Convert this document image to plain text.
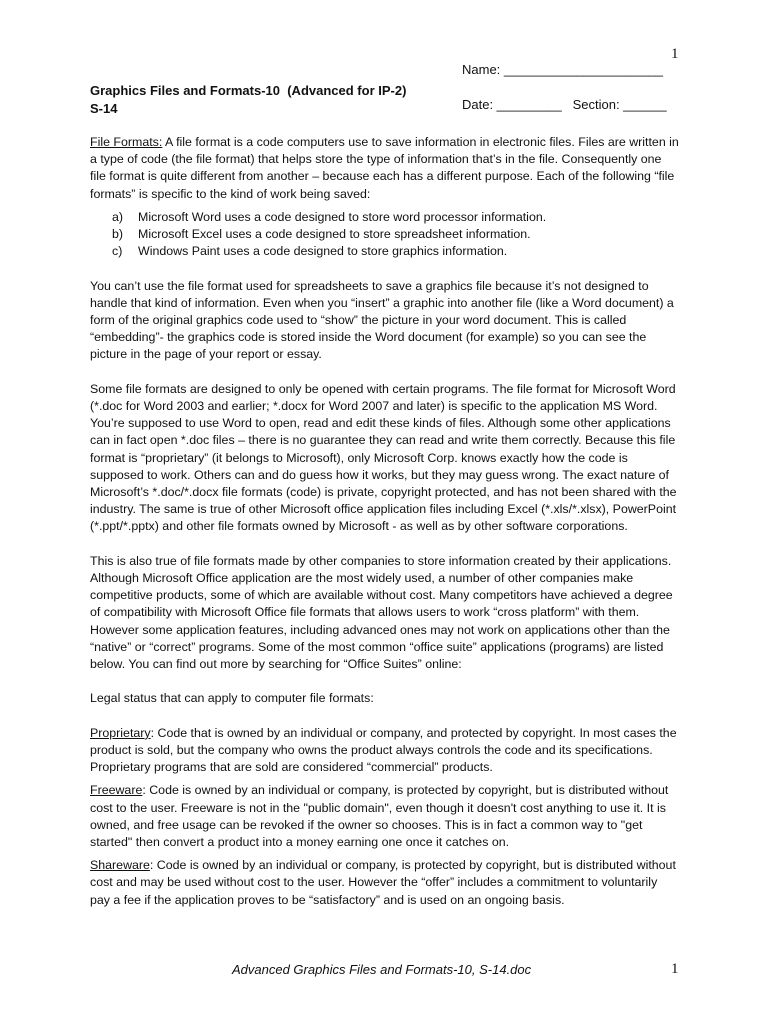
1
Name: ______________________
Graphics Files and Formats-10  (Advanced for IP-2)
Date: _________   Section: ______
S-14

File Formats: A file format is a code computers use to save information in electronic files. Files are written in a type of code (the file format) that helps store the type of information that’s in the file. Consequently one file format is quite different from another – because each has a different purpose. Each of the following “file formats” is specific to the kind of work being saved:

a)	Microsoft Word uses a code designed to store word processor information.
b)	Microsoft Excel uses a code designed to store spreadsheet information.
c)	Windows Paint uses a code designed to store graphics information.

You can’t use the file format used for spreadsheets to save a graphics file because it’s not designed to handle that kind of information. Even when you “insert” a graphic into another file (like a Word document) a form of the original graphics code used to “show” the picture in your word document. This is called “embedding”- the graphics code is stored inside the Word document (for example) so you can see the picture in the page of your report or essay.

Some file formats are designed to only be opened with certain programs. The file format for Microsoft Word (*.doc for Word 2003 and earlier; *.docx for Word 2007 and later) is specific to the application MS Word. You’re supposed to use Word to open, read and edit these kinds of files. Although some other applications can in fact open *.doc files – there is no guarantee they can read and write them correctly. Because this file format is “proprietary” (it belongs to Microsoft), only Microsoft Corp. knows exactly how the code is supposed to work. Others can and do guess how it works, but they may guess wrong. The exact nature of Microsoft’s *.doc/*.docx file formats (code) is private, copyright protected, and has not been shared with the industry. The same is true of other Microsoft office application files including Excel (*.xls/*.xlsx), PowerPoint (*.ppt/*.pptx) and other file formats owned by Microsoft - as well as by other software corporations.

This is also true of file formats made by other companies to store information created by their applications. Although Microsoft Office application are the most widely used, a number of other companies make competitive products, some of which are available without cost. Many competitors have achieved a degree of compatibility with Microsoft Office file formats that allows users to work “cross platform” with them. However some application features, including advanced ones may not work on applications other than the “native” or “correct” programs. Some of the most common “office suite” applications (programs) are listed below. You can find out more by searching for “Office Suites” online:

Legal status that can apply to computer file formats:

Proprietary: Code that is owned by an individual or company, and protected by copyright. In most cases the product is sold, but the company who owns the product always controls the code and its specifications. Proprietary programs that are sold are considered “commercial” products.

Freeware: Code is owned by an individual or company, is protected by copyright, but is distributed without cost to the user. Freeware is not in the "public domain", even though it doesn't cost anything to use it. It is owned, and free usage can be revoked if the owner so chooses. This is in fact a common way to "get started" then convert a product into a money earning one once it catches on.

Shareware: Code is owned by an individual or company, is protected by copyright, but is distributed without cost and may be used without cost to the user. However the “offer” includes a commitment to voluntarily pay a fee if the application proves to be “satisfactory” and is used on an ongoing basis.

Advanced Graphics Files and Formats-10, S-14.doc	1
